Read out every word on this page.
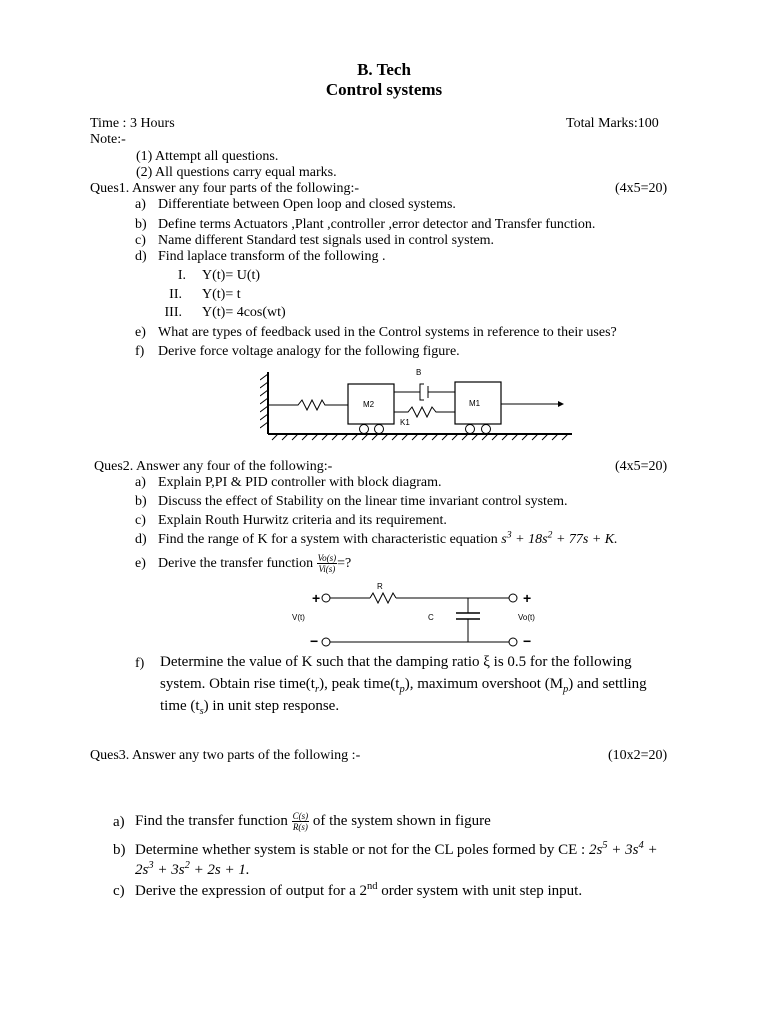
B. Tech
Control systems
Time : 3 Hours	Total Marks:100
Note:-
(1) Attempt all questions.
(2) All questions carry equal marks.
Ques1. Answer any four parts of the following:-	(4x5=20)
a) Differentiate between Open loop and closed systems.
b) Define terms Actuators ,Plant ,controller ,error detector and Transfer function.
c) Name different Standard test signals used in control system.
d) Find laplace transform of the following .
I. Y(t)= U(t)
II. Y(t)= t
III. Y(t)= 4cos(wt)
e) What are types of feedback used in the Control systems in reference to their uses?
f) Derive force voltage analogy for the following figure.
M2
B
K1
M1
Ques2. Answer any four of the following:-	(4x5=20)
a) Explain P,PI & PID controller with block diagram.
b) Discuss the effect of Stability on the linear time invariant control system.
c) Explain Routh Hurwitz criteria and its requirement.
d) Find the range of K for a system with characteristic equation $s^3 + 18s^2 + 77s + K$.
e) Derive the transfer function $\frac{Vo(s)}{Vi(s)}$ =?
+
R
+
C
V(t)	Vo(t)
−	−
f) Determine the value of K such that the damping ratio ξ is 0.5 for the following
system. Obtain rise $time(t_r)$, peak $time(t_p)$, maximum overshoot $(M_p)$ and settling
time $(t_s)$ in unit step response.
Ques3. Answer any two parts of the following :-	(10x2=20)
a) Find the transfer function $\frac{C(s)}{R(s)}$ of the system shown in figure
b) Determine whether system is stable or not for the CL poles formed by CE : $2s^5 + 3s^4$ +
$2s^3 + 3s^2 + 2s + 1$.
c) Derive the expression of output for a 2nd order system with unit step input.
